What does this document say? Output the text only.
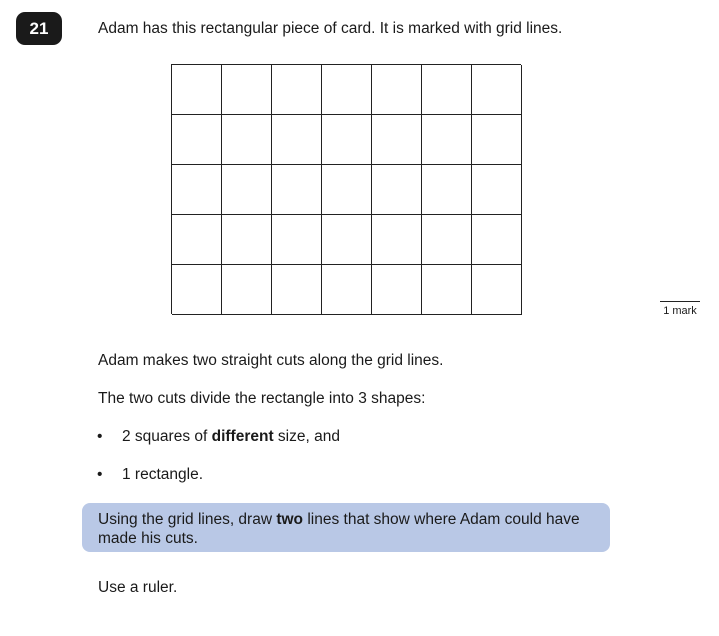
21	Adam has this rectangular piece of card. It is marked with grid lines.

1 mark

Adam makes two straight cuts along the grid lines.

The two cuts divide the rectangle into 3 shapes:

• 2 squares of different size, and
• 1 rectangle.
Using the grid lines, draw two lines that show where Adam could have made his cuts.

Use a ruler.
